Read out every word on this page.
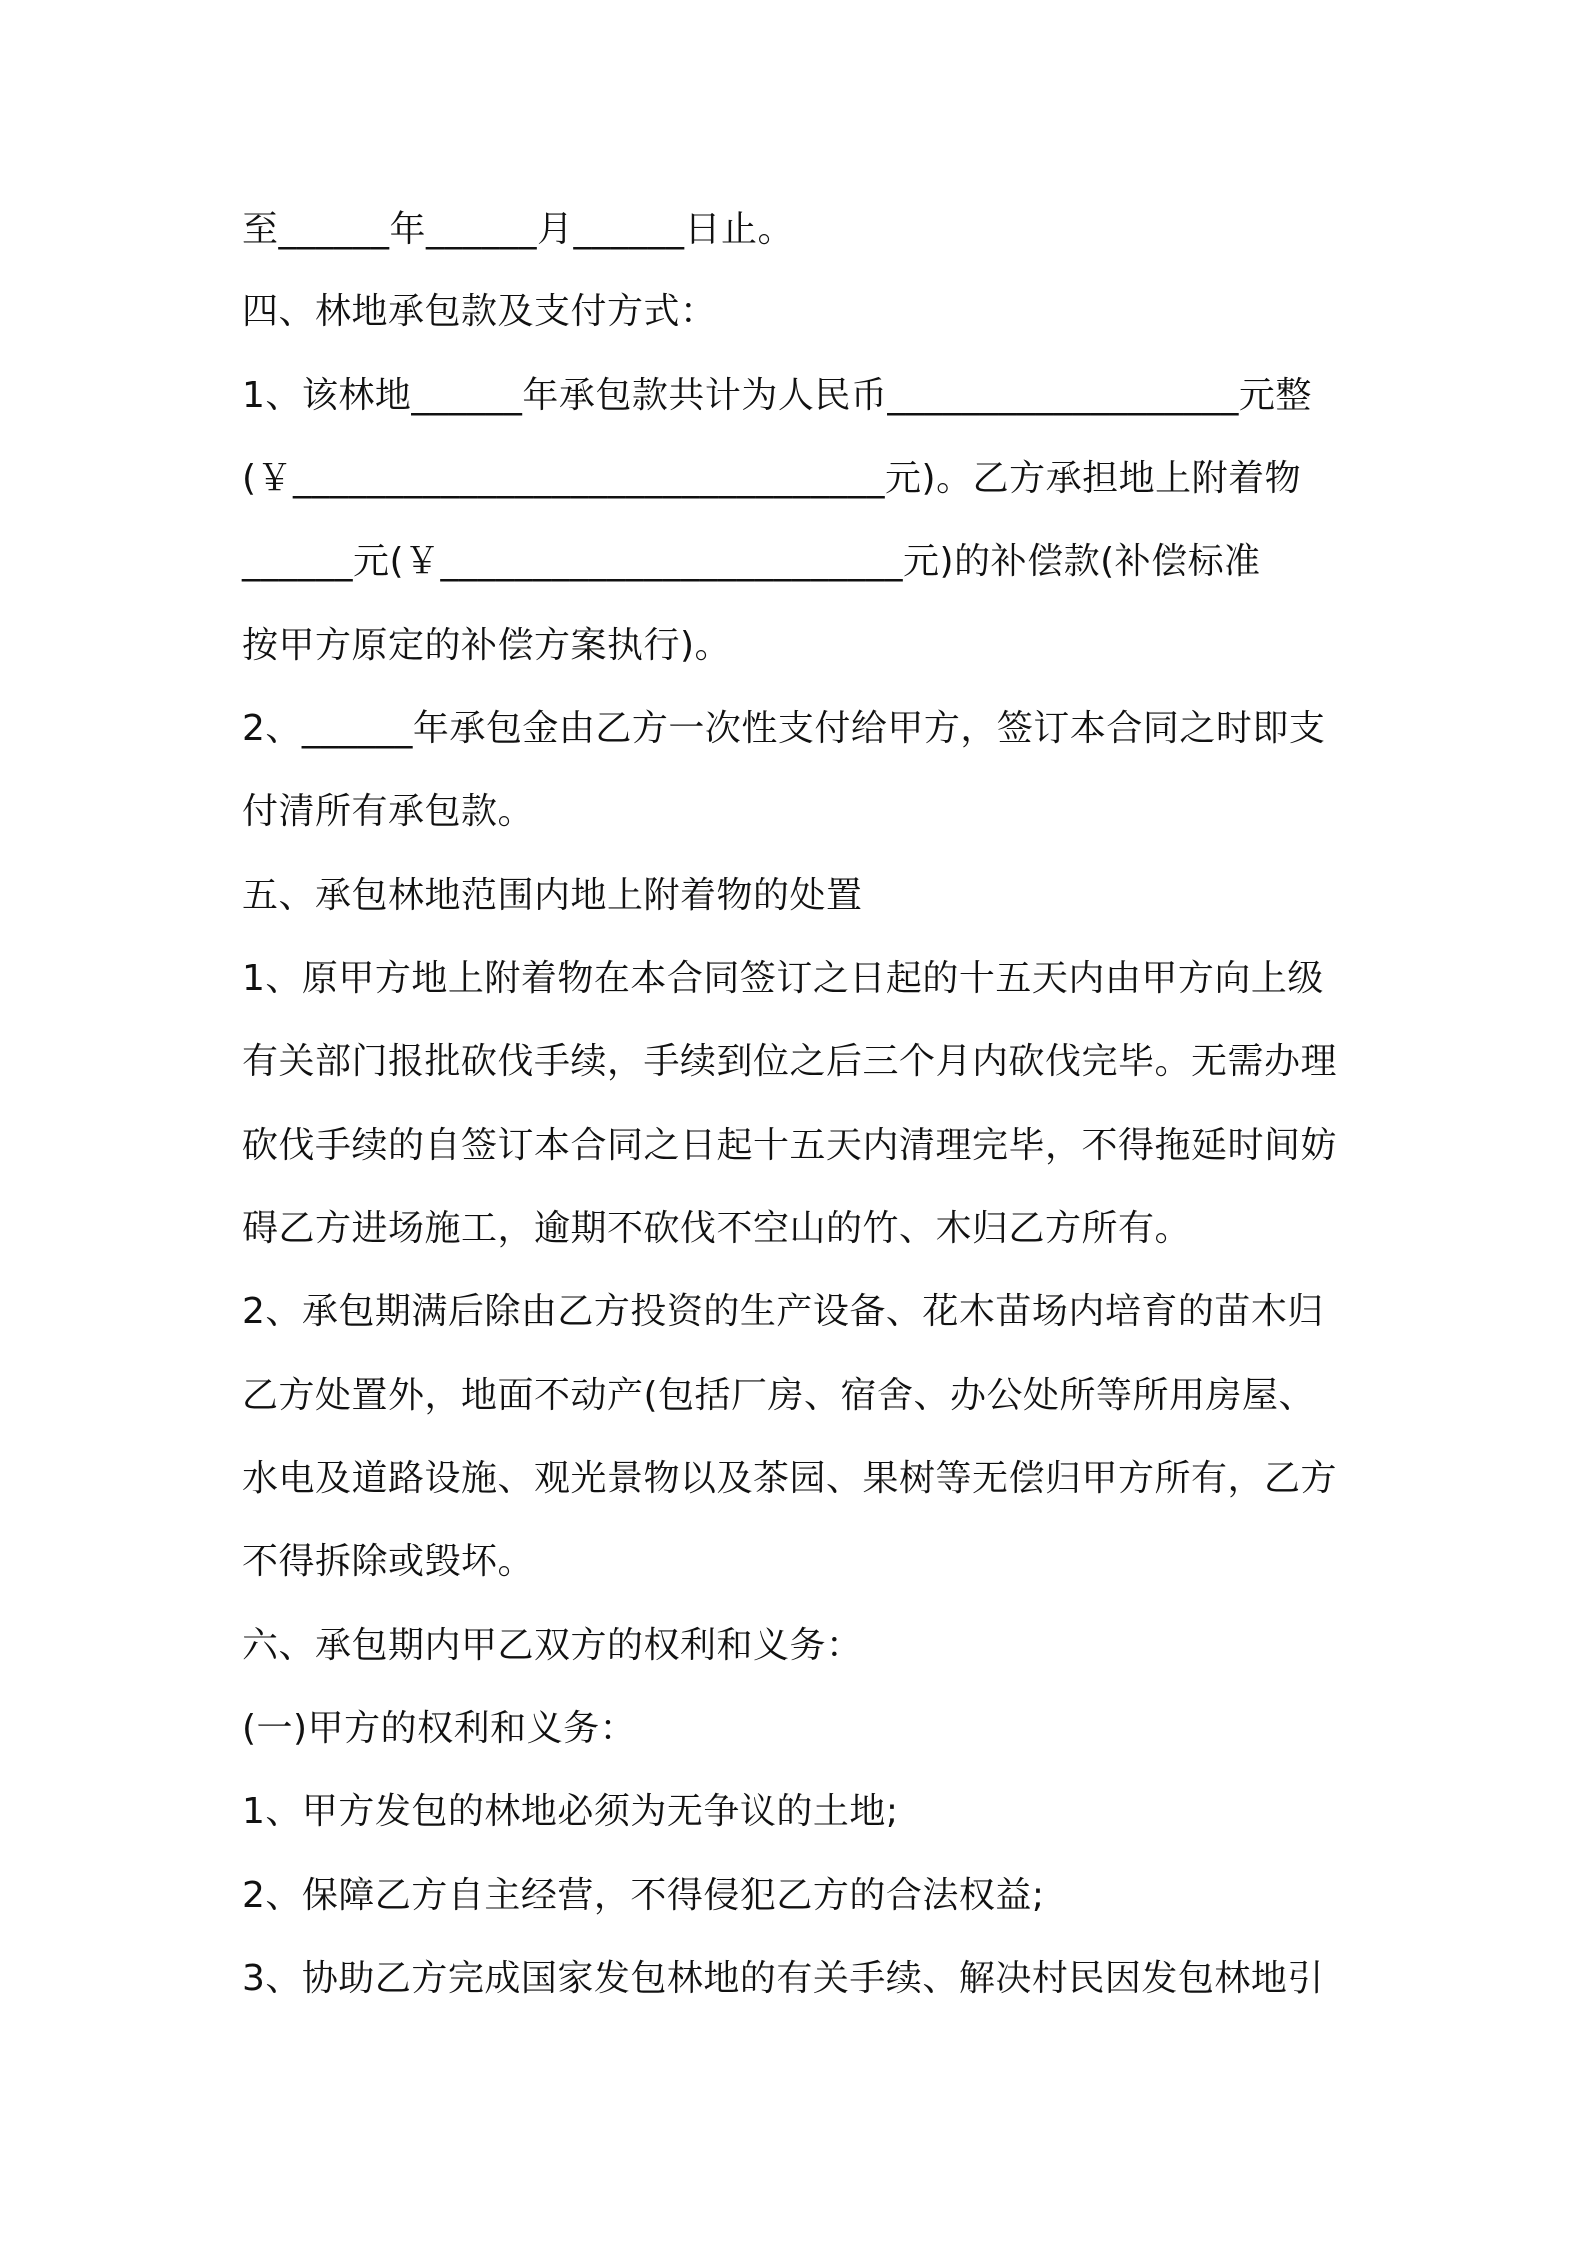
至______年______月______日止。
四、林地承包款及支付方式：
1、该林地______年承包款共计为人民币___________________元整
(￥________________________________元)。乙方承担地上附着物
______元(￥_________________________元)的补偿款(补偿标准
按甲方原定的补偿方案执行)。
2、______年承包金由乙方一次性支付给甲方，签订本合同之时即支
付清所有承包款。
五、承包林地范围内地上附着物的处置
1、原甲方地上附着物在本合同签订之日起的十五天内由甲方向上级
有关部门报批砍伐手续，手续到位之后三个月内砍伐完毕。无需办理
砍伐手续的自签订本合同之日起十五天内清理完毕，不得拖延时间妨
碍乙方进场施工，逾期不砍伐不空山的竹、木归乙方所有。
2、承包期满后除由乙方投资的生产设备、花木苗场内培育的苗木归
乙方处置外，地面不动产(包括厂房、宿舍、办公处所等所用房屋、
水电及道路设施、观光景物以及茶园、果树等无偿归甲方所有，乙方
不得拆除或毁坏。
六、承包期内甲乙双方的权利和义务：
(一)甲方的权利和义务：
1、甲方发包的林地必须为无争议的土地;
2、保障乙方自主经营，不得侵犯乙方的合法权益;
3、协助乙方完成国家发包林地的有关手续、解决村民因发包林地引
